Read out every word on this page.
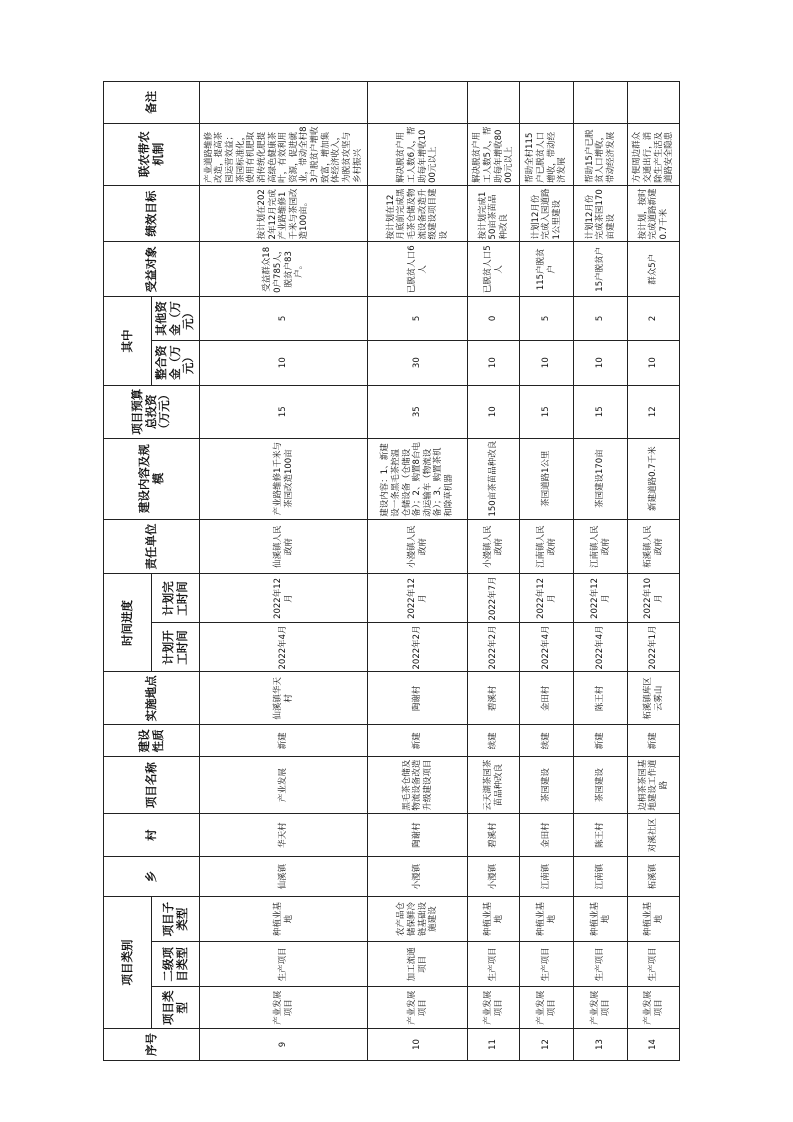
序号	项目类别			乡	村	项目名称	建设性质	实施地点	时间进度		责任单位	建设内容及规模	项目预算总投资（万元）	其中		受益对象	绩效目标	联农带农机制	备注
	项目类型	二级项目类型	项目子类型						计划开工时间	计划完工时间				整合资金（万元）	其他资金（万元）				
9	产业发展项目	生产项目	种植业基地	仙溪镇	华天村	产业发展	新建	仙溪镇华天村	2022年4月	2022年12月	仙溪镇人民政府	产业路维修1千米与茶园改造100亩	15	10	5	受益群众180户785人，脱贫户83户。	按计划在2022年12月完成产业路维修1千米与茶园改造100亩。	产业道路维修改造，提高茶园运营效益；茶园标准化，使用有机肥取消传统化肥提高绿色健康茶叶，有效利用资源，促进就业，带动全村83户脱贫户增收致富，增加集体经济收入，为脱贫攻坚与乡村振兴	
10	产业发展项目	加工流通项目	农产品仓储保鲜冷链基础设施建设	小漫镇	陶谢村	黑毛茶仓储及物流设备改造升级建设项目	新建	陶谢村	2022年2月	2022年12月	小漫镇人民政府	建设内容：1、新建设一条黑毛茶控温仓储设备（仓储设备）；2、购置8台电动运输车（物流设备）；3、购置茶机和除草机器	35	30	5	已脱贫人口6人	按计划在12月底前完成黑毛茶仓储及物流设备改造升级建设项目建设	解决脱贫户用工人数6人，帮助每年增收1000元以上	
11	产业发展项目	生产项目	种植业基地	小漫镇	碧溪村	云天湖茶园茶苗品种改良	续建	碧溪村	2022年2月	2022年7月	小漫镇人民政府	150亩茶苗品种改良	10	10	0	已脱贫人口5人	按计划完成150亩茶苗品种改良	解决脱贫户用工人数5人，帮助每年增收8000元以上	
12	产业发展项目	生产项目	种植业基地	江南镇	金田村	茶园建设	续建	金田村	2022年4月	2022年12月	江南镇人民政府	茶园道路1公里	15	10	5	115户脱贫户	计划12月份完成入园道路1公里建设	帮助全村115户已脱贫人口增收，带动经济发展	
13	产业发展项目	生产项目	种植业基地	江南镇	陈王村	茶园建设	新建	陈王村	2022年4月	2022年12月	江南镇人民政府	茶园建设170亩	15	10	5	15户脱贫户	计划12月份完成茶园170亩建设	帮助15户已脱贫人口增收，带动经济发展	
14	产业发展项目	生产项目	种植业基地	柘溪镇	对溪社区	边桐茶茶园基地建设工作道路	新建	柘溪镇库区云雾山	2022年1月	2022年10月	柘溪镇人民政府	新建道路0.7千米	12	10	2	群众5户	按计划，按时完成道路新建0.7千米	方便周边群众交通出行，消除生产生活及道路安全隐患	
